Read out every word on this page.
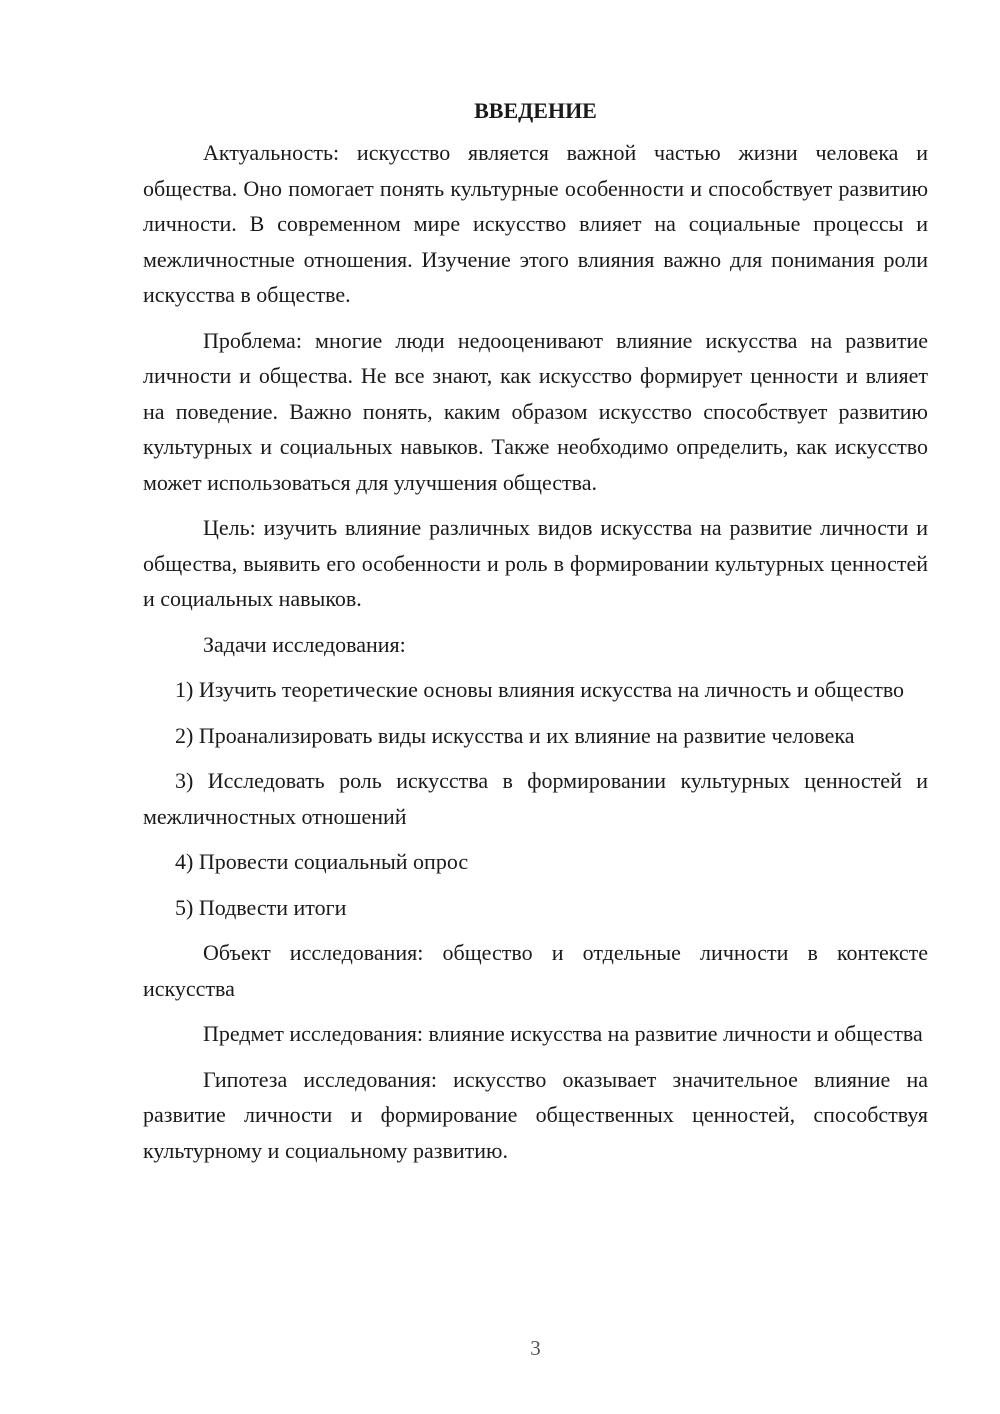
ВВЕДЕНИЕ

Актуальность: искусство является важной частью жизни человека и общества. Оно помогает понять культурные особенности и способствует развитию личности. В современном мире искусство влияет на социальные процессы и межличностные отношения. Изучение этого влияния важно для понимания роли искусства в обществе.

Проблема: многие люди недооценивают влияние искусства на развитие личности и общества. Не все знают, как искусство формирует ценности и влияет на поведение. Важно понять, каким образом искусство способствует развитию культурных и социальных навыков. Также необходимо определить, как искусство может использоваться для улучшения общества.

Цель: изучить влияние различных видов искусства на развитие личности и общества, выявить его особенности и роль в формировании культурных ценностей и социальных навыков.

Задачи исследования:

1) Изучить теоретические основы влияния искусства на личность и общество

2) Проанализировать виды искусства и их влияние на развитие человека

3) Исследовать роль искусства в формировании культурных ценностей и межличностных отношений

4) Провести социальный опрос

5) Подвести итоги

Объект исследования: общество и отдельные личности в контексте искусства

Предмет исследования: влияние искусства на развитие личности и общества

Гипотеза исследования: искусство оказывает значительное влияние на развитие личности и формирование общественных ценностей, способствуя культурному и социальному развитию.

3
